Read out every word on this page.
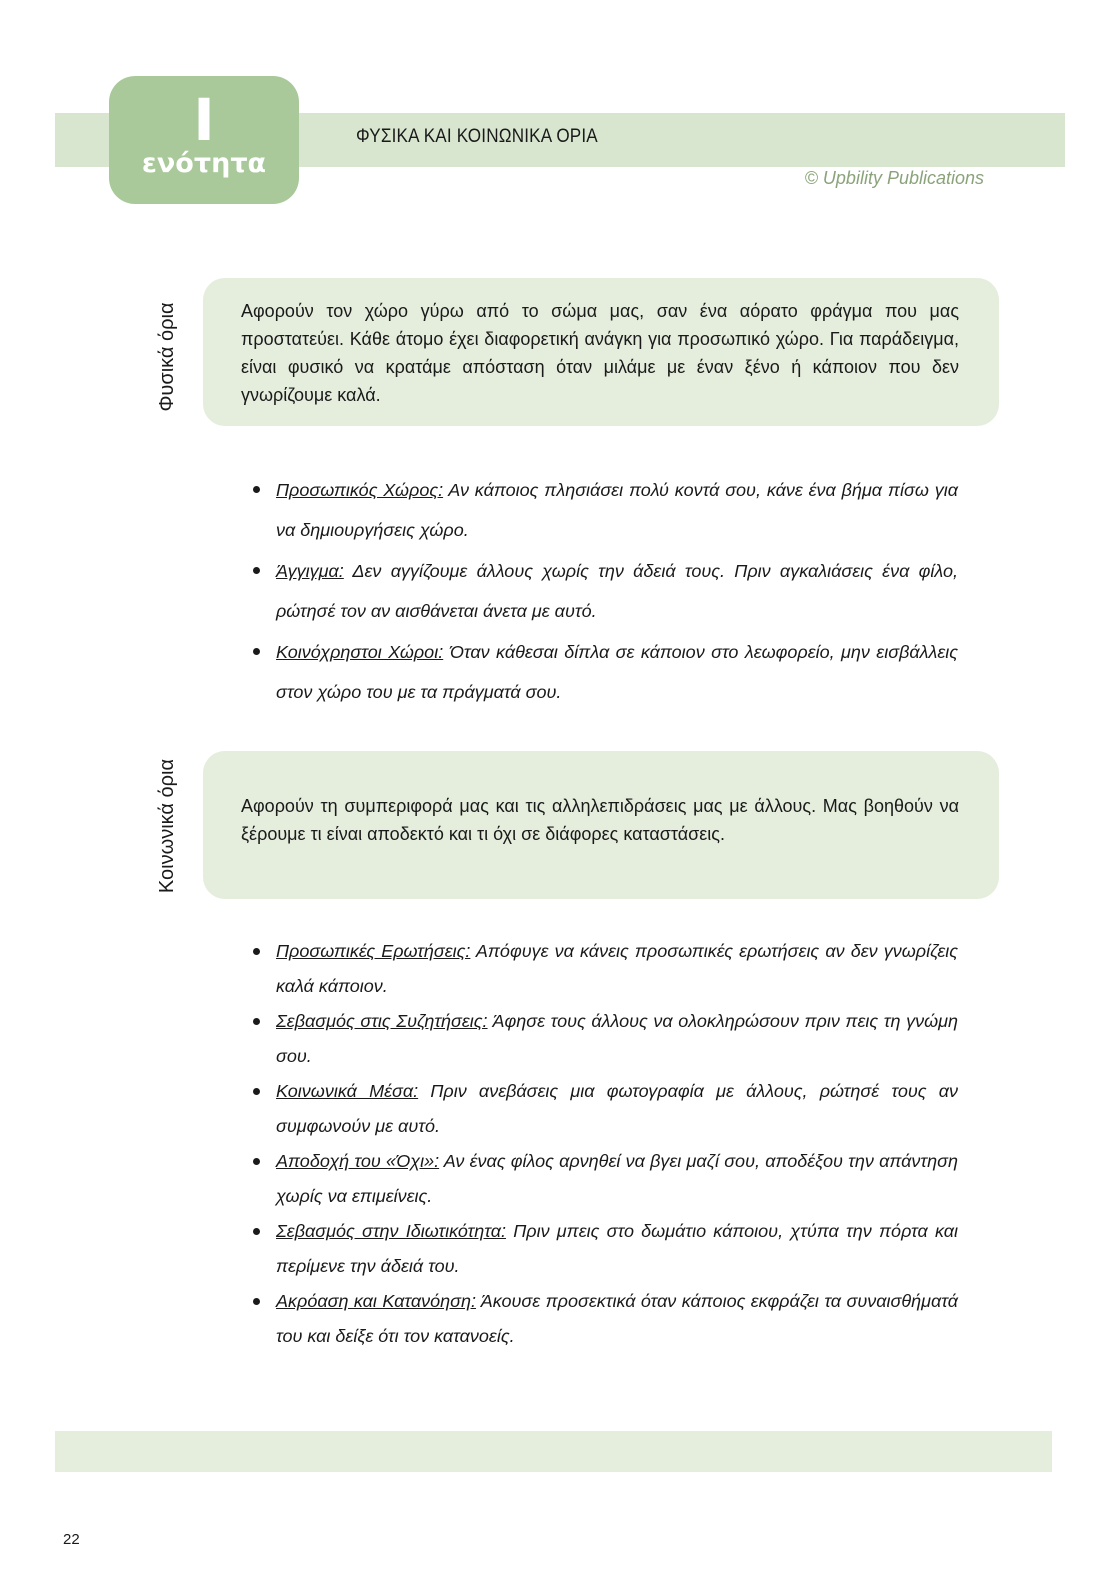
I
ενότητα
ΦΥΣΙΚΑ ΚΑΙ ΚΟΙΝΩΝΙΚΑ ΟΡΙΑ
© Upbility Publications
Φυσικά όρια	Αφορούν τον χώρο γύρω από το σώμα μας, σαν ένα αόρατο φράγμα που μας προστατεύει. Κάθε άτομο έχει διαφορετική ανάγκη για προσωπικό χώρο. Για παράδειγμα, είναι φυσικό να κρατάμε απόσταση όταν μιλάμε με έναν ξένο ή κάποιον που δεν γνωρίζουμε καλά.

Προσωπικός Χώρος: Αν κάποιος πλησιάσει πολύ κοντά σου, κάνε ένα βήμα πίσω για να δημιουργήσεις χώρο.
Άγγιγμα: Δεν αγγίζουμε άλλους χωρίς την άδειά τους. Πριν αγκαλιάσεις ένα φίλο, ρώτησέ τον αν αισθάνεται άνετα με αυτό.
Κοινόχρηστοι Χώροι: Όταν κάθεσαι δίπλα σε κάποιον στο λεωφορείο, μην εισβάλλεις στον χώρο του με τα πράγματά σου.
Κοινωνικά όρια	Αφορούν τη συμπεριφορά μας και τις αλληλεπιδράσεις μας με άλλους. Μας βοηθούν να ξέρουμε τι είναι αποδεκτό και τι όχι σε διάφορες καταστάσεις.

Προσωπικές Ερωτήσεις: Απόφυγε να κάνεις προσωπικές ερωτήσεις αν δεν γνωρίζεις καλά κάποιον.
Σεβασμός στις Συζητήσεις: Άφησε τους άλλους να ολοκληρώσουν πριν πεις τη γνώμη σου.
Κοινωνικά Μέσα: Πριν ανεβάσεις μια φωτογραφία με άλλους, ρώτησέ τους αν συμφωνούν με αυτό.
Αποδοχή του «Όχι»: Αν ένας φίλος αρνηθεί να βγει μαζί σου, αποδέξου την απάντηση χωρίς να επιμείνεις.
Σεβασμός στην Ιδιωτικότητα: Πριν μπεις στο δωμάτιο κάποιου, χτύπα την πόρτα και περίμενε την άδειά του.
Ακρόαση και Κατανόηση: Άκουσε προσεκτικά όταν κάποιος εκφράζει τα συναισθήματά του και δείξε ότι τον κατανοείς.
22
